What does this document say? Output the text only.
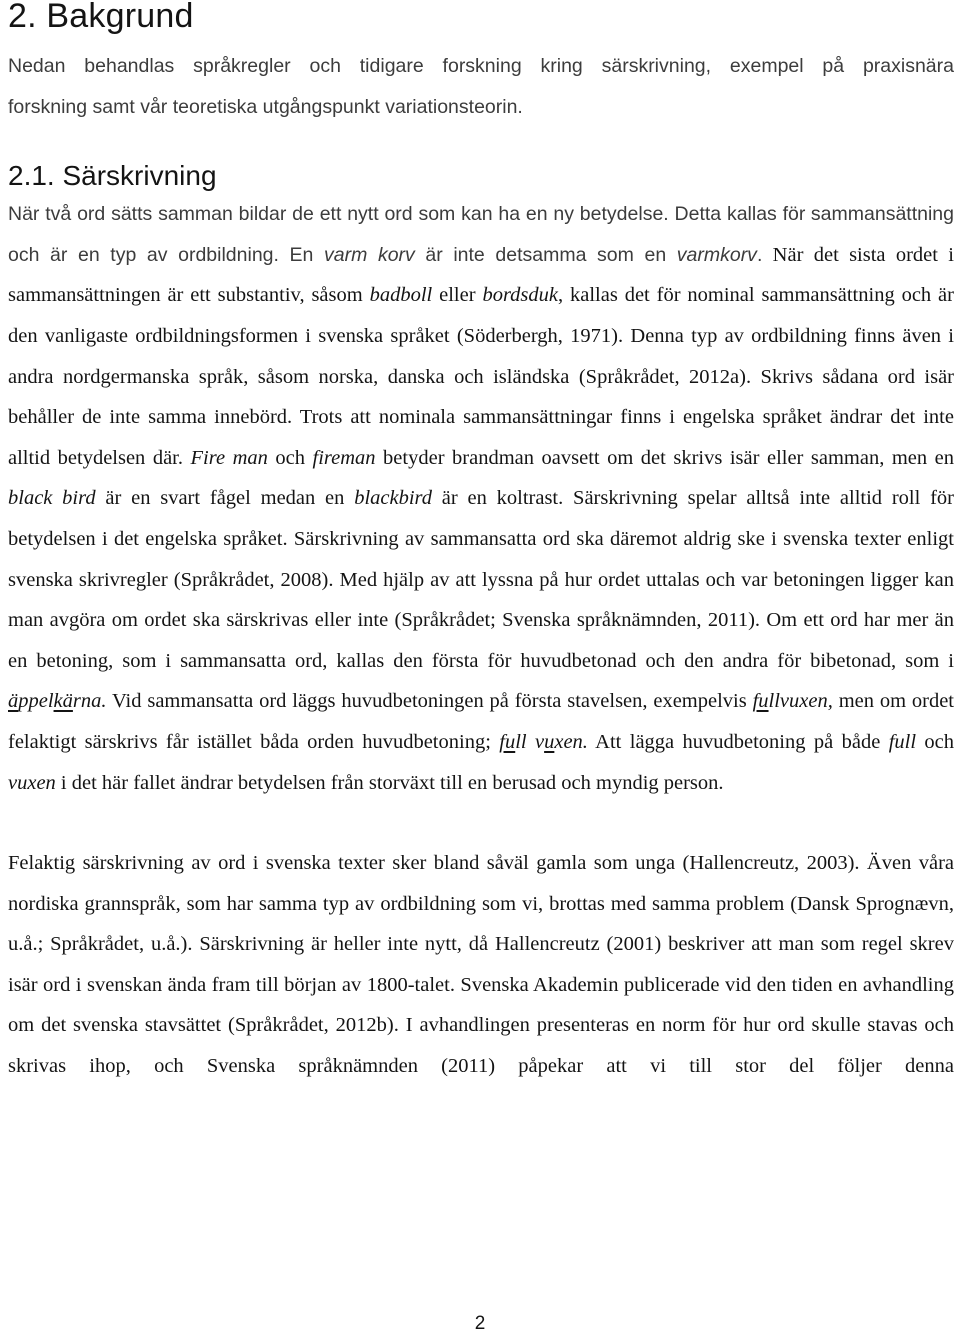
2. Bakgrund
Nedan behandlas språkregler och tidigare forskning kring särskrivning, exempel på praxisnära
forskning samt vår teoretiska utgångspunkt variationsteorin.
2.1. Särskrivning

När två ord sätts samman bildar de ett nytt ord som kan ha en ny betydelse. Detta kallas för sammansättning och är en typ av ordbildning. En varm korv är inte detsamma som en varmkorv. När det sista ordet i sammansättningen är ett substantiv, såsom badboll eller bordsduk, kallas det för nominal sammansättning och är den vanligaste ordbildningsformen i svenska språket (Söderbergh, 1971). Denna typ av ordbildning finns även i andra nordgermanska språk, såsom norska, danska och isländska (Språkrådet, 2012a). Skrivs sådana ord isär behåller de inte samma innebörd. Trots att nominala sammansättningar finns i engelska språket ändrar det inte alltid betydelsen där. Fire man och fireman betyder brandman oavsett om det skrivs isär eller samman, men en black bird är en svart fågel medan en blackbird är en koltrast. Särskrivning spelar alltså inte alltid roll för betydelsen i det engelska språket. Särskrivning av sammansatta ord ska däremot aldrig ske i svenska texter enligt svenska skrivregler (Språkrådet, 2008). Med hjälp av att lyssna på hur ordet uttalas och var betoningen ligger kan man avgöra om ordet ska särskrivas eller inte (Språkrådet; Svenska språknämnden, 2011). Om ett ord har mer än en betoning, som i sammansatta ord, kallas den första för huvudbetonad och den andra för bibetonad, som i äppelkärna. Vid sammansatta ord läggs huvudbetoningen på första stavelsen, exempelvis fullvuxen, men om ordet felaktigt särskrivs får istället båda orden huvudbetoning; full vuxen. Att lägga huvudbetoning på både full och vuxen i det här fallet ändrar betydelsen från storväxt till en berusad och myndig person.

Felaktig särskrivning av ord i svenska texter sker bland såväl gamla som unga (Hallencreutz, 2003). Även våra nordiska grannspråk, som har samma typ av ordbildning som vi, brottas med samma problem (Dansk Sprognævn, u.å.; Språkrådet, u.å.). Särskrivning är heller inte nytt, då Hallencreutz (2001) beskriver att man som regel skrev isär ord i svenskan ända fram till början av 1800-talet. Svenska Akademin publicerade vid den tiden en avhandling om det svenska stavsättet (Språkrådet, 2012b). I avhandlingen presenteras en norm för hur ord skulle stavas och skrivas ihop, och Svenska språknämnden (2011) påpekar att vi till stor del följer denna

2
